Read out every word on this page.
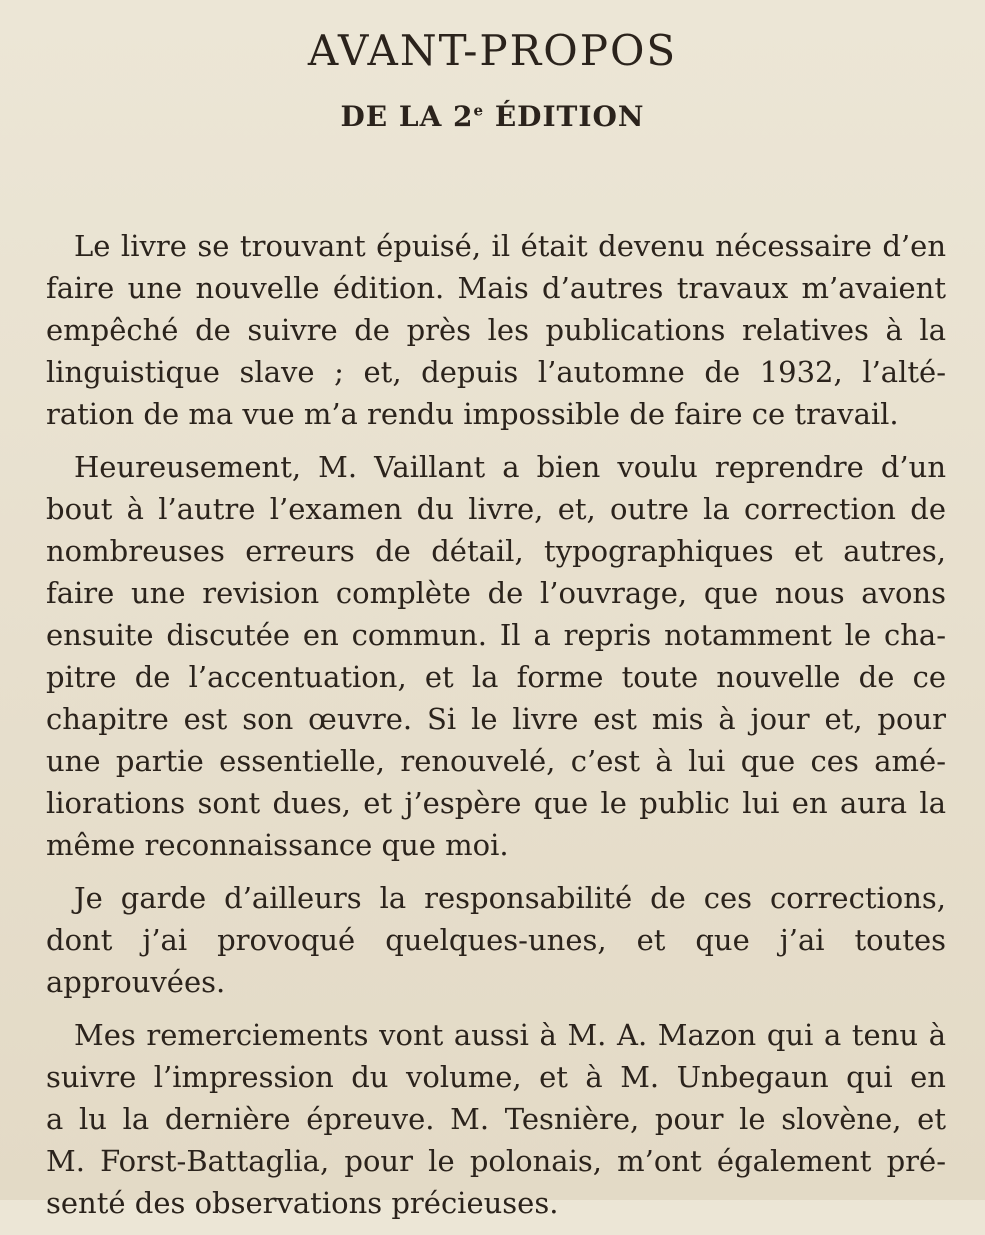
AVANT-PROPOS
DE LA 2e ÉDITION

Le livre se trouvant épuisé, il était devenu nécessaire d’en
faire une nouvelle édition. Mais d’autres travaux m’avaient
empêché de suivre de près les publications relatives à la
linguistique slave ; et, depuis l’automne de 1932, l’alté-
ration de ma vue m’a rendu impossible de faire ce travail.

Heureusement, M. Vaillant a bien voulu reprendre d’un
bout à l’autre l’examen du livre, et, outre la correction de
nombreuses erreurs de détail, typographiques et autres,
faire une revision complète de l’ouvrage, que nous avons
ensuite discutée en commun. Il a repris notamment le cha-
pitre de l’accentuation, et la forme toute nouvelle de ce
chapitre est son œuvre. Si le livre est mis à jour et, pour
une partie essentielle, renouvelé, c’est à lui que ces amé-
liorations sont dues, et j’espère que le public lui en aura la
même reconnaissance que moi.

Je garde d’ailleurs la responsabilité de ces corrections,
dont j’ai provoqué quelques-unes, et que j’ai toutes
approuvées.

Mes remerciements vont aussi à M. A. Mazon qui a tenu à
suivre l’impression du volume, et à M. Unbegaun qui en
a lu la dernière épreuve. M. Tesnière, pour le slovène, et
M. Forst-Battaglia, pour le polonais, m’ont également pré-
senté des observations précieuses.
